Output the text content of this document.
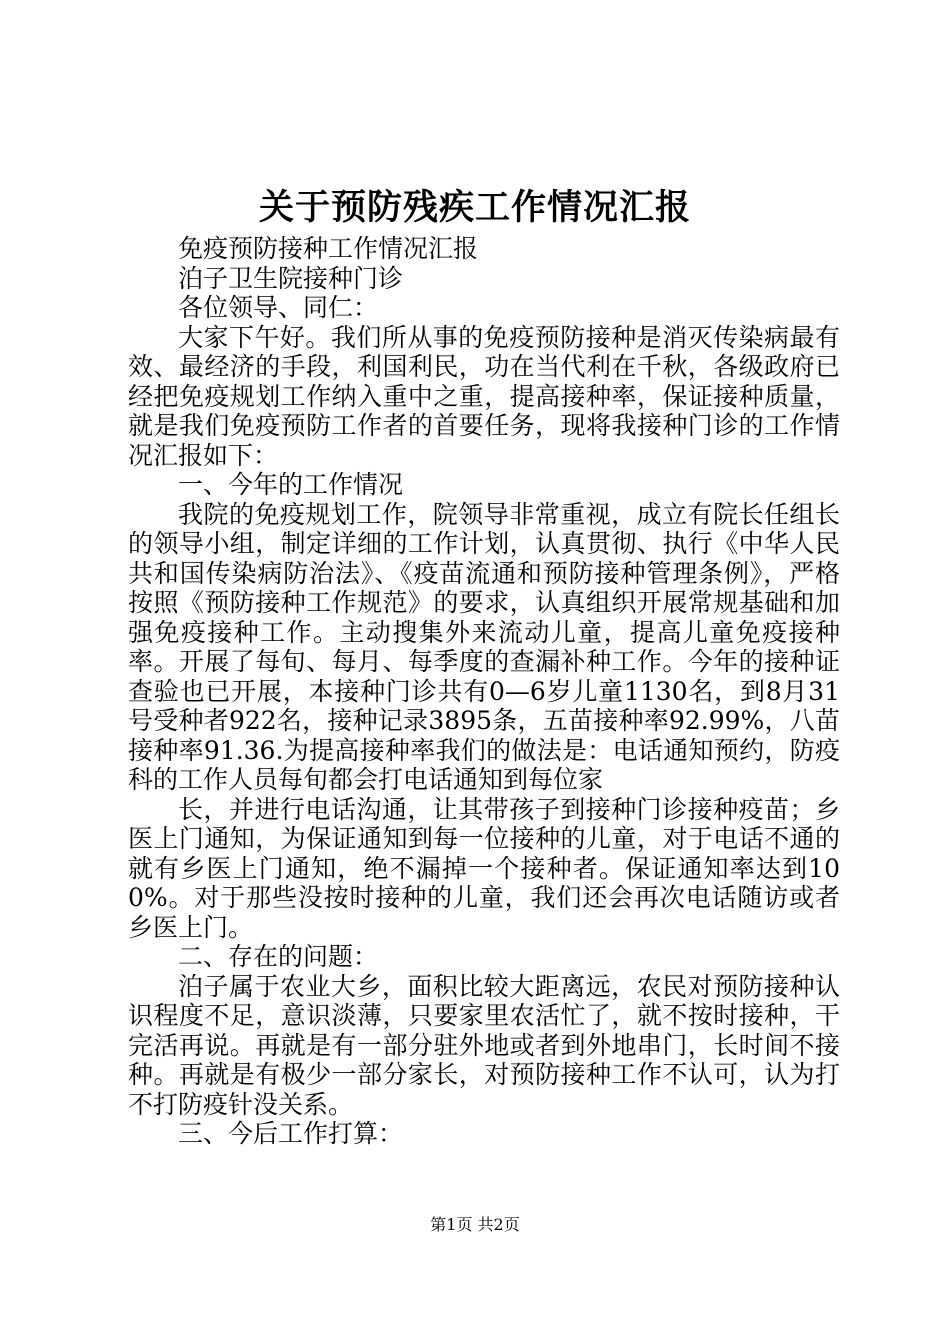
关于预防残疾工作情况汇报

免疫预防接种工作情况汇报

泊子卫生院接种门诊

各位领导、同仁：

大家下午好。我们所从事的免疫预防接种是消灭传染病最有效、最经济的手段，利国利民，功在当代利在千秋，各级政府已经把免疫规划工作纳入重中之重，提高接种率，保证接种质量，就是我们免疫预防工作者的首要任务，现将我接种门诊的工作情况汇报如下：

一、今年的工作情况

我院的免疫规划工作，院领导非常重视，成立有院长任组长的领导小组，制定详细的工作计划，认真贯彻、执行《中华人民共和国传染病防治法》、《疫苗流通和预防接种管理条例》，严格按照《预防接种工作规范》的要求，认真组织开展常规基础和加强免疫接种工作。主动搜集外来流动儿童，提高儿童免疫接种率。开展了每旬、每月、每季度的查漏补种工作。今年的接种证查验也已开展，本接种门诊共有0—6岁儿童1130名，到8月31号受种者922名，接种记录3895条，五苗接种率92.99%，八苗接种率91.36.为提高接种率我们的做法是：电话通知预约，防疫科的工作人员每旬都会打电话通知到每位家

长，并进行电话沟通，让其带孩子到接种门诊接种疫苗；乡医上门通知，为保证通知到每一位接种的儿童，对于电话不通的就有乡医上门通知，绝不漏掉一个接种者。保证通知率达到100%。对于那些没按时接种的儿童，我们还会再次电话随访或者乡医上门。

二、存在的问题：

泊子属于农业大乡，面积比较大距离远，农民对预防接种认识程度不足，意识淡薄，只要家里农活忙了，就不按时接种，干完活再说。再就是有一部分驻外地或者到外地串门，长时间不接种。再就是有极少一部分家长，对预防接种工作不认可，认为打不打防疫针没关系。

三、今后工作打算：

第1页 共2页
